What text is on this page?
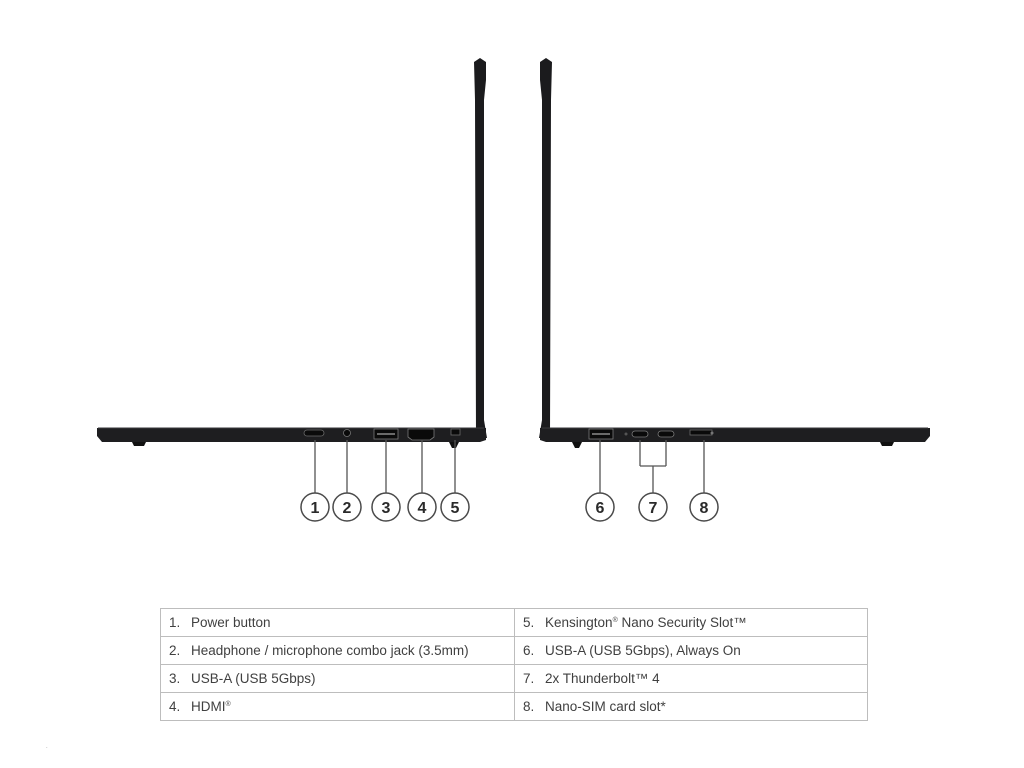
1 2 3 4 5	6	7	8
1. Power button	5. Kensington® Nano Security Slot™
2. Headphone / microphone combo jack (3.5mm)	6. USB-A (USB 5Gbps), Always On
3. USB-A (USB 5Gbps)	7. 2x Thunderbolt™ 4
4. HDMI®	8. Nano-SIM card slot*
.
